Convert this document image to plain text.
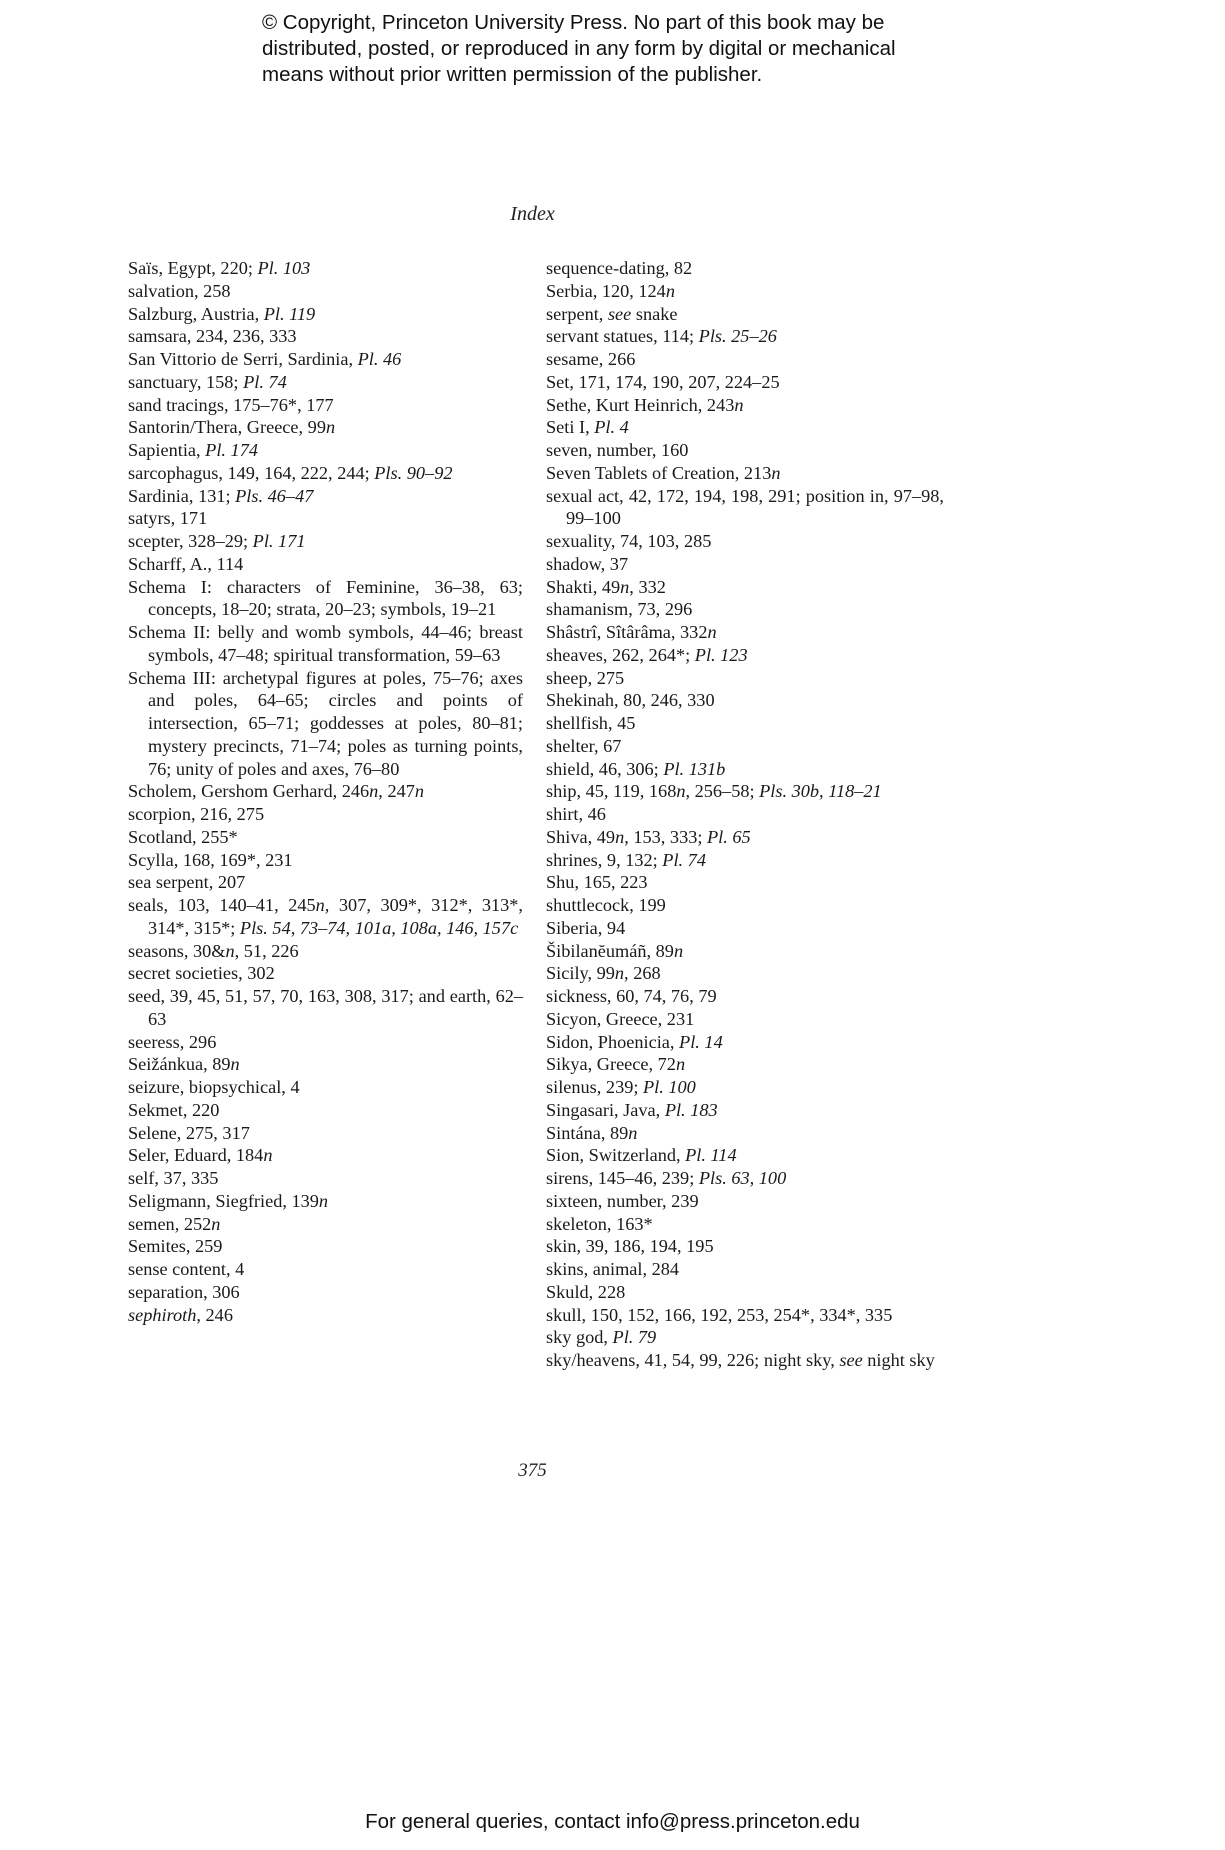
© Copyright, Princeton University Press. No part of this book may be
distributed, posted, or reproduced in any form by digital or mechanical
means without prior written permission of the publisher.
Index
Saïs, Egypt, 220; Pl. 103
salvation, 258
Salzburg, Austria, Pl. 119
samsara, 234, 236, 333
San Vittorio de Serri, Sardinia, Pl. 46
sanctuary, 158; Pl. 74
sand tracings, 175–76*, 177
Santorin/Thera, Greece, 99n
Sapientia, Pl. 174
sarcophagus, 149, 164, 222, 244; Pls. 90–92
Sardinia, 131; Pls. 46–47
satyrs, 171
scepter, 328–29; Pl. 171
Scharff, A., 114
Schema I: characters of Feminine, 36–38, 63; concepts, 18–20; strata, 20–23; symbols, 19–21
Schema II: belly and womb symbols, 44–46; breast symbols, 47–48; spiritual transformation, 59–63
Schema III: archetypal figures at poles, 75–76; axes and poles, 64–65; circles and points of intersection, 65–71; goddesses at poles, 80–81; mystery precincts, 71–74; poles as turning points, 76; unity of poles and axes, 76–80
Scholem, Gershom Gerhard, 246n, 247n
scorpion, 216, 275
Scotland, 255*
Scylla, 168, 169*, 231
sea serpent, 207
seals, 103, 140–41, 245n, 307, 309*, 312*, 313*, 314*, 315*; Pls. 54, 73–74, 101a, 108a, 146, 157c
seasons, 30&n, 51, 226
secret societies, 302
seed, 39, 45, 51, 57, 70, 163, 308, 317; and earth, 62–63
seeress, 296
Seižánkua, 89n
seizure, biopsychical, 4
Sekmet, 220
Selene, 275, 317
Seler, Eduard, 184n
self, 37, 335
Seligmann, Siegfried, 139n
semen, 252n
Semites, 259
sense content, 4
separation, 306
sephiroth, 246
sequence-dating, 82
Serbia, 120, 124n
serpent, see snake
servant statues, 114; Pls. 25–26
sesame, 266
Set, 171, 174, 190, 207, 224–25
Sethe, Kurt Heinrich, 243n
Seti I, Pl. 4
seven, number, 160
Seven Tablets of Creation, 213n
sexual act, 42, 172, 194, 198, 291; position in, 97–98, 99–100
sexuality, 74, 103, 285
shadow, 37
Shakti, 49n, 332
shamanism, 73, 296
Shâstrî, Sîtârâma, 332n
sheaves, 262, 264*; Pl. 123
sheep, 275
Shekinah, 80, 246, 330
shellfish, 45
shelter, 67
shield, 46, 306; Pl. 131b
ship, 45, 119, 168n, 256–58; Pls. 30b, 118–21
shirt, 46
Shiva, 49n, 153, 333; Pl. 65
shrines, 9, 132; Pl. 74
Shu, 165, 223
shuttlecock, 199
Siberia, 94
Šibilanĕumáñ, 89n
Sicily, 99n, 268
sickness, 60, 74, 76, 79
Sicyon, Greece, 231
Sidon, Phoenicia, Pl. 14
Sikya, Greece, 72n
silenus, 239; Pl. 100
Singasari, Java, Pl. 183
Sintána, 89n
Sion, Switzerland, Pl. 114
sirens, 145–46, 239; Pls. 63, 100
sixteen, number, 239
skeleton, 163*
skin, 39, 186, 194, 195
skins, animal, 284
Skuld, 228
skull, 150, 152, 166, 192, 253, 254*, 334*, 335
sky god, Pl. 79
sky/heavens, 41, 54, 99, 226; night sky, see night sky
375
For general queries, contact info@press.princeton.edu
